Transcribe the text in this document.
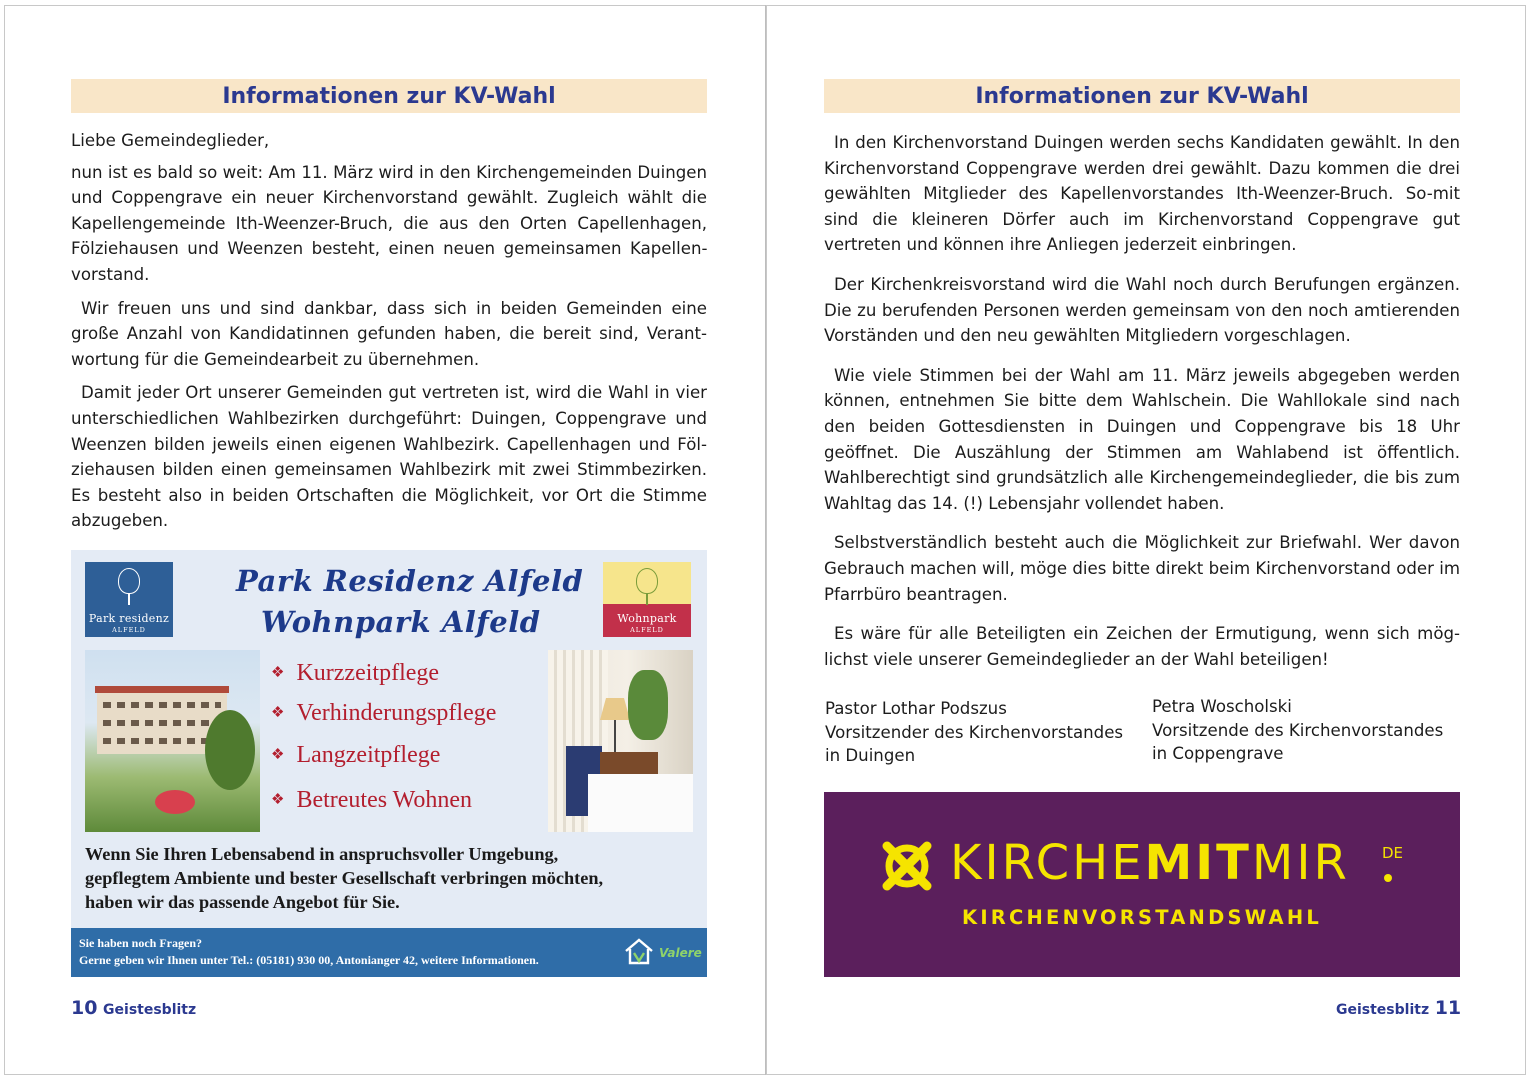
Informationen zur KV-Wahl

Liebe Gemeindeglieder,

nun ist es bald so weit: Am 11. März wird in den Kirchengemeinden Duingen und Coppengrave ein neuer Kirchenvorstand gewählt. Zugleich wählt die Kapellengemeinde Ith-Weenzer-Bruch, die aus den Orten Capellenhagen, Fölziehausen und Weenzen besteht, einen neuen gemeinsamen Kapellen-vorstand.

Wir freuen uns und sind dankbar, dass sich in beiden Gemeinden eine große Anzahl von Kandidatinnen gefunden haben, die bereit sind, Verant-wortung für die Gemeindearbeit zu übernehmen.

Damit jeder Ort unserer Gemeinden gut vertreten ist, wird die Wahl in vier unterschiedlichen Wahlbezirken durchgeführt: Duingen, Coppengrave und Weenzen bilden jeweils einen eigenen Wahlbezirk. Capellenhagen und Föl-ziehausen bilden einen gemeinsamen Wahlbezirk mit zwei Stimmbezirken. Es besteht also in beiden Ortschaften die Möglichkeit, vor Ort die Stimme abzugeben.

Park residenz
ALFELD
Wohnpark
ALFELD
Park Residenz Alfeld
Wohnpark Alfeld
❖ Kurzzeitpflege
❖ Verhinderungspflege
❖ Langzeitpflege
❖ Betreutes Wohnen
Wenn Sie Ihren Lebensabend in anspruchsvoller Umgebung,
gepflegtem Ambiente und bester Gesellschaft verbringen möchten,
haben wir das passende Angebot für Sie.
Sie haben noch Fragen?
Gerne geben wir Ihnen unter Tel.: (05181) 930 00, Antonianger 42, weitere Informationen.	Valere
10 Geistesblitz
Informationen zur KV-Wahl

In den Kirchenvorstand Duingen werden sechs Kandidaten gewählt. In den Kirchenvorstand Coppengrave werden drei gewählt. Dazu kommen die drei gewählten Mitglieder des Kapellenvorstandes Ith-Weenzer-Bruch. So-mit sind die kleineren Dörfer auch im Kirchenvorstand Coppengrave gut vertreten und können ihre Anliegen jederzeit einbringen.

Der Kirchenkreisvorstand wird die Wahl noch durch Berufungen ergänzen. Die zu berufenden Personen werden gemeinsam von den noch amtierenden Vorständen und den neu gewählten Mitgliedern vorgeschlagen.

Wie viele Stimmen bei der Wahl am 11. März jeweils abgegeben werden können, entnehmen Sie bitte dem Wahlschein. Die Wahllokale sind nach den beiden Gottesdiensten in Duingen und Coppengrave bis 18 Uhr geöffnet. Die Auszählung der Stimmen am Wahlabend ist öffentlich. Wahlberechtigt sind grundsätzlich alle Kirchengemeindeglieder, die bis zum Wahltag das 14. (!) Lebensjahr vollendet haben.

Selbstverständlich besteht auch die Möglichkeit zur Briefwahl. Wer davon Gebrauch machen will, möge dies bitte direkt beim Kirchenvorstand oder im Pfarrbüro beantragen.

Es wäre für alle Beteiligten ein Zeichen der Ermutigung, wenn sich mög-lichst viele unserer Gemeindeglieder an der Wahl beteiligen!

Pastor Lothar Podszus
Vorsitzender des Kirchenvorstandes
in Duingen
Petra Woscholski
Vorsitzende des Kirchenvorstandes
in Coppengrave
KIRCHEMITMIR DE
KIRCHENVORSTANDSWAHL
Geistesblitz 11
